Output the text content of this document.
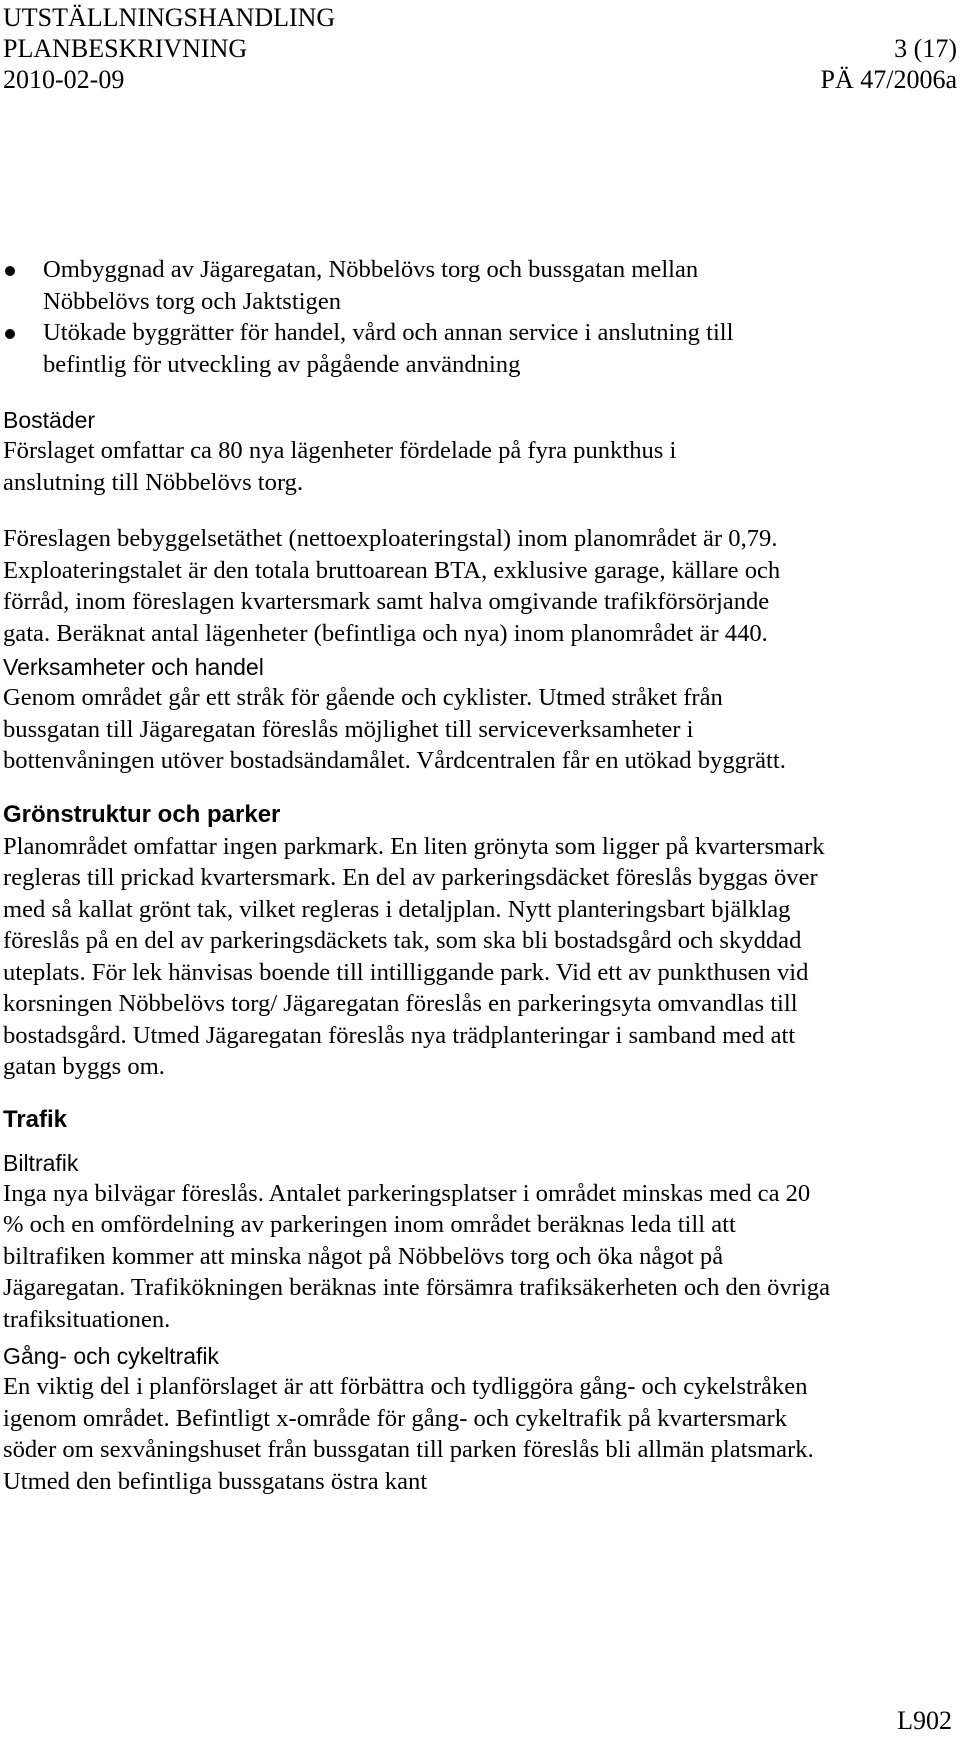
UTSTÄLLNINGSHANDLING
PLANBESKRIVNING	3 (17)
2010-02-09	PÄ 47/2006a
Ombyggnad av Jägaregatan, Nöbbelövs torg och bussgatan mellan Nöbbelövs torg och Jaktstigen
Utökade byggrätter för handel, vård och annan service i anslutning till befintlig för utveckling av pågående användning
Bostäder

Förslaget omfattar ca 80 nya lägenheter fördelade på fyra punkthus i anslutning till Nöbbelövs torg.

Föreslagen bebyggelsetäthet (nettoexploateringstal) inom planområdet är 0,79. Exploateringstalet är den totala bruttoarean BTA, exklusive garage, källare och förråd, inom föreslagen kvartersmark samt halva omgivande trafikförsörjande gata. Beräknat antal lägenheter (befintliga och nya) inom planområdet är 440.

Verksamheter och handel

Genom området går ett stråk för gående och cyklister. Utmed stråket från bussgatan till Jägaregatan föreslås möjlighet till serviceverksamheter i bottenvåningen utöver bostadsändamålet. Vårdcentralen får en utökad byggrätt.

Grönstruktur och parker

Planområdet omfattar ingen parkmark. En liten grönyta som ligger på kvartersmark regleras till prickad kvartersmark. En del av parkeringsdäcket föreslås byggas över med så kallat grönt tak, vilket regleras i detaljplan. Nytt planteringsbart bjälklag föreslås på en del av parkeringsdäckets tak, som ska bli bostadsgård och skyddad uteplats. För lek hänvisas boende till intilliggande park. Vid ett av punkthusen vid korsningen Nöbbelövs torg/ Jägaregatan föreslås en parkeringsyta omvandlas till bostadsgård. Utmed Jägaregatan föreslås nya trädplanteringar i samband med att gatan byggs om.

Trafik
Biltrafik

Inga nya bilvägar föreslås. Antalet parkeringsplatser i området minskas med ca 20 % och en omfördelning av parkeringen inom området beräknas leda till att biltrafiken kommer att minska något på Nöbbelövs torg och öka något på Jägaregatan. Trafikökningen beräknas inte försämra trafiksäkerheten och den övriga trafiksituationen.

Gång- och cykeltrafik

En viktig del i planförslaget är att förbättra och tydliggöra gång- och cykelstråken igenom området. Befintligt x-område för gång- och cykeltrafik på kvartersmark söder om sexvåningshuset från bussgatan till parken föreslås bli allmän platsmark. Utmed den befintliga bussgatans östra kant

L902
